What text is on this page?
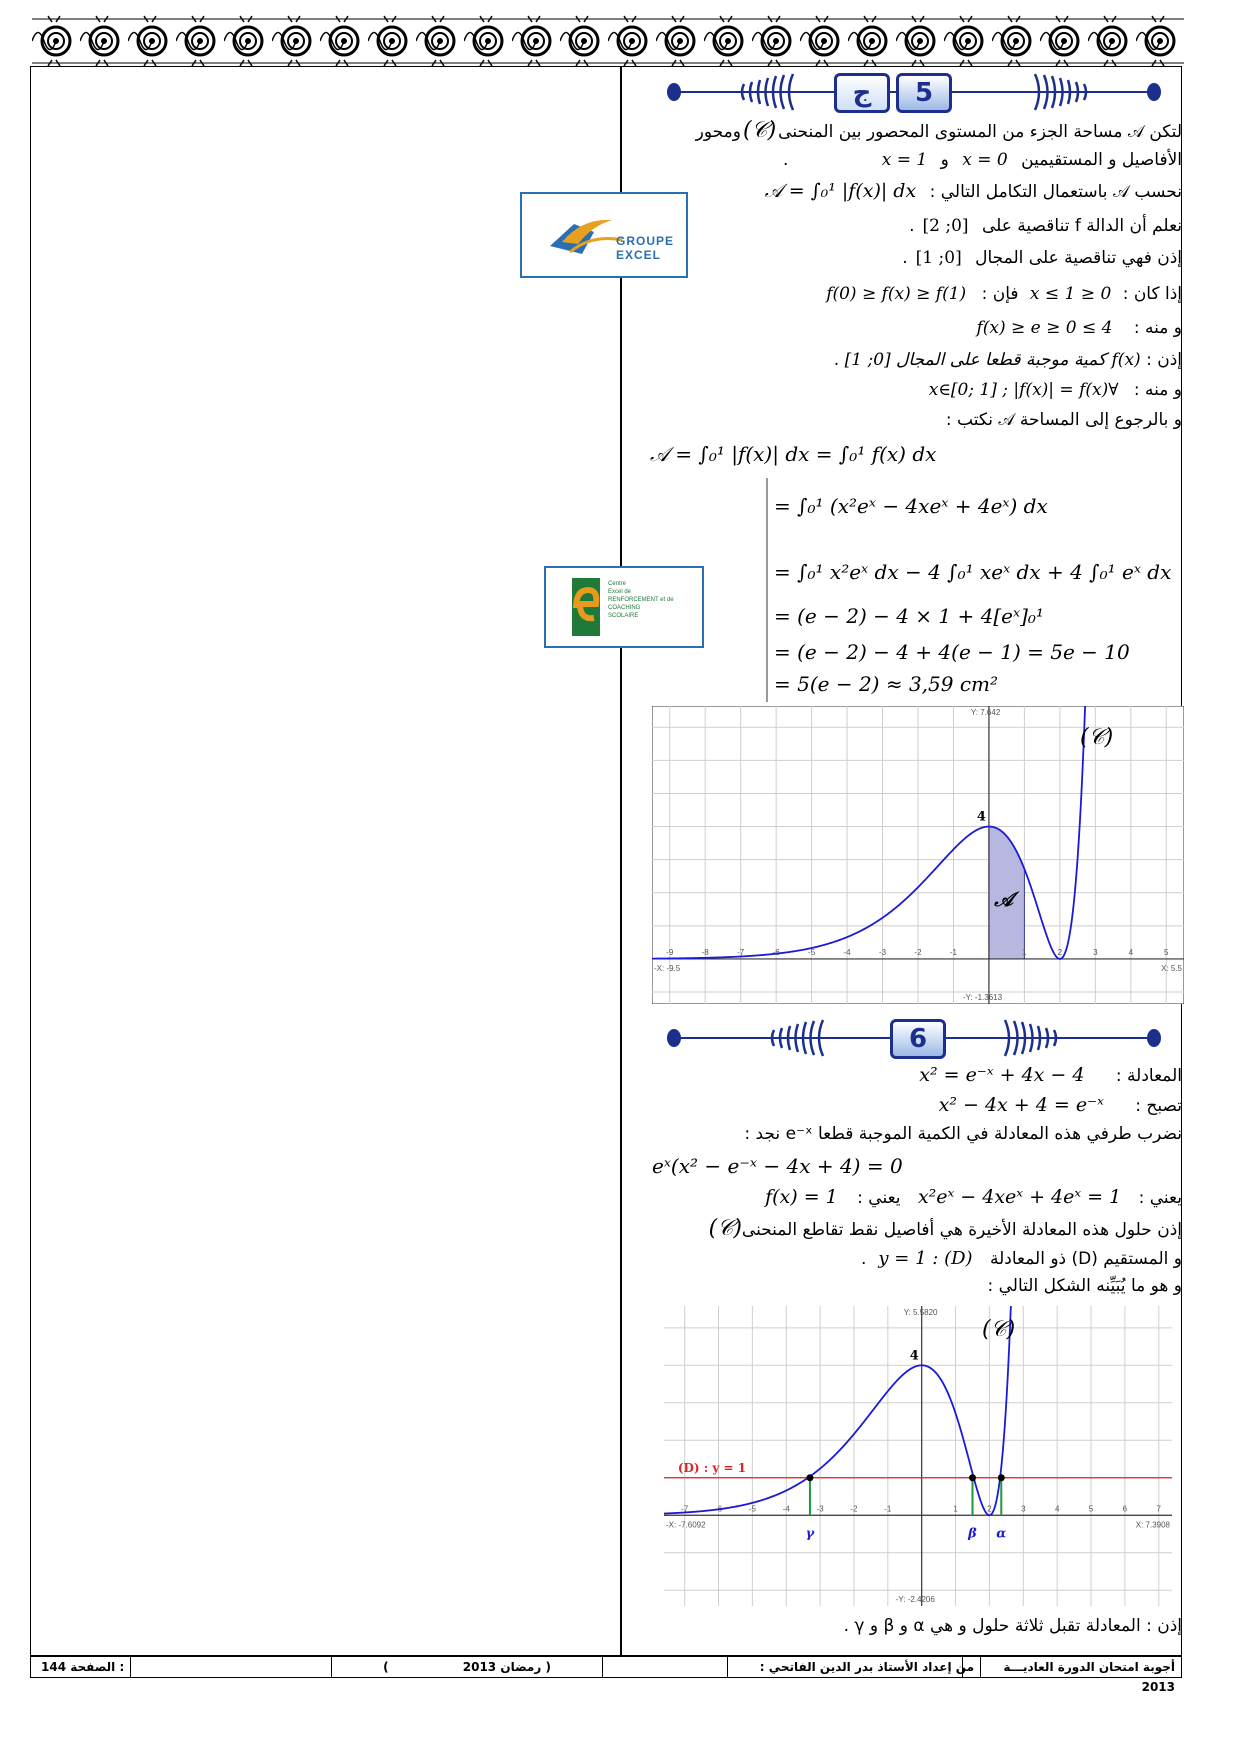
GROUPE EXCEL
Centre
Excel de
RENFORCEMENT et de
COACHING
SCOLAIRE
ج	5
لتكن 𝒜 مساحة الجزء من المستوى المحصور بين المنحنى(𝒞)ومحور
الأفاصيل و المستقيمين x = 0 و x = 1 .
نحسب 𝒜 باستعمال التكامل التالي : 𝒜 = ∫₀¹ |f(x)| dx
نعلم أن الدالة f تناقصية على [0; 2].
إذن فهي تناقصية على المجال [0; 1].
إذا كان : 0 ≤ x ≤ 1 فإن : f(0) ≥ f(x) ≥ f(1)
و منه : 4 ≥ f(x) ≥ e ≥ 0
إذن : f(x) كمية موجبة قطعا على المجال [0; 1] .
و منه : ∀x∈[0; 1] ; |f(x)| = f(x)
و بالرجوع إلى المساحة 𝒜 نكتب :
𝒜 = ∫₀¹ |f(x)| dx = ∫₀¹ f(x) dx
= ∫₀¹ (x²eˣ − 4xeˣ + 4eˣ) dx
= ∫₀¹ x²eˣ dx − 4 ∫₀¹ xeˣ dx + 4 ∫₀¹ eˣ dx
= (e − 2) − 4 × 1 + 4[eˣ]₀¹
= (e − 2) − 4 + 4(e − 1) = 5e − 10
= 5(e − 2) ≈ 3,59 cm²
-9	-8	-7	-6	-5	-4	-3	-2	-1	1	2	3	4	5
Y: 7.642
-Y: -1.3613
-X: -9.5	X: 5.5
4
(𝒞)
𝒜
6
المعادلة : x² = e⁻ˣ + 4x − 4
تصبح : x² − 4x + 4 = e⁻ˣ
نضرب طرفي هذه المعادلة في الكمية الموجبة قطعا e⁻ˣ نجد :
eˣ(x² − e⁻ˣ − 4x + 4) = 0
يعني : x²eˣ − 4xeˣ + 4eˣ = 1 يعني : f(x) = 1
إذن حلول هذه المعادلة الأخيرة هي أفاصيل نقط تقاطع المنحنى(𝒞)
و المستقيم (D) ذو المعادلة (D) : y = 1.
و هو ما يُبَيِّنه الشكل التالي :
-7	-6	-5	-4	-3	-2	-1	1	2	3	4	5	6	7
Y: 5.5820
-Y: -2.4206
-X: -7.6092	X: 7.3908
(D) : y = 1
4
(𝒞)
γ	β α
إذن : المعادلة تقبل ثلاثة حلول و هي α و β و γ .
144 الصفحة :	(	رمضان 2013 )	من إعداد الأستاذ بدر الدين الفاتحي :	أجوبة امتحان الدورة العاديـــة 2013
